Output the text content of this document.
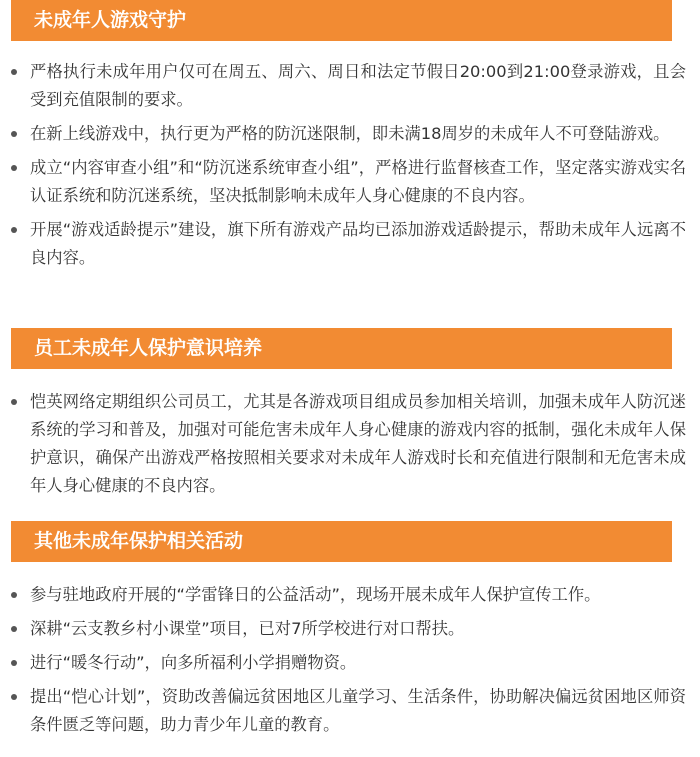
未成年人游戏守护
严格执行未成年用户仅可在周五、周六、周日和法定节假日20:00到21:00登录游戏，且会受到充值限制的要求。
在新上线游戏中，执行更为严格的防沉迷限制，即未满18周岁的未成年人不可登陆游戏。
成立“内容审查小组”和“防沉迷系统审查小组”，严格进行监督核查工作，坚定落实游戏实名认证系统和防沉迷系统，坚决抵制影响未成年人身心健康的不良内容。
开展“游戏适龄提示”建设，旗下所有游戏产品均已添加游戏适龄提示，帮助未成年人远离不良内容。
员工未成年人保护意识培养
恺英网络定期组织公司员工，尤其是各游戏项目组成员参加相关培训，加强未成年人防沉迷系统的学习和普及，加强对可能危害未成年人身心健康的游戏内容的抵制，强化未成年人保护意识，确保产出游戏严格按照相关要求对未成年人游戏时长和充值进行限制和无危害未成年人身心健康的不良内容。
其他未成年保护相关活动
参与驻地政府开展的“学雷锋日的公益活动”，现场开展未成年人保护宣传工作。
深耕“云支教乡村小课堂”项目，已对7所学校进行对口帮扶。
进行“暖冬行动”，向多所福利小学捐赠物资。
提出“恺心计划”，资助改善偏远贫困地区儿童学习、生活条件，协助解决偏远贫困地区师资条件匮乏等问题，助力青少年儿童的教育。
